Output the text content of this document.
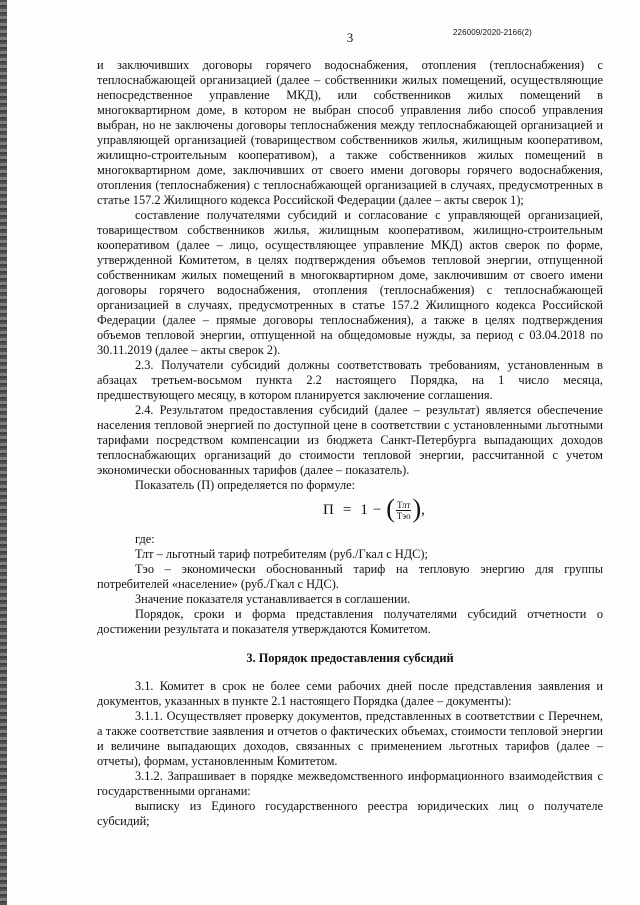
3	226009/2020-2166(2)

и заключивших договоры горячего водоснабжения, отопления (теплоснабжения) с теплоснабжающей организацией (далее – собственники жилых помещений, осуществляющие непосредственное управление МКД), или собственников жилых помещений в многоквартирном доме, в котором не выбран способ управления либо способ управления выбран, но не заключены договоры теплоснабжения между теплоснабжающей организацией и управляющей организацией (товариществом собственников жилья, жилищным кооперативом, жилищно-строительным кооперативом), а также собственников жилых помещений в многоквартирном доме, заключивших от своего имени договоры горячего водоснабжения, отопления (теплоснабжения) с теплоснабжающей организацией в случаях, предусмотренных в статье 157.2 Жилищного кодекса Российской Федерации (далее – акты сверок 1);

составление получателями субсидий и согласование с управляющей организацией, товариществом собственников жилья, жилищным кооперативом, жилищно-строительным кооперативом (далее – лицо, осуществляющее управление МКД) актов сверок по форме, утвержденной Комитетом, в целях подтверждения объемов тепловой энергии, отпущенной собственникам жилых помещений в многоквартирном доме, заключившим от своего имени договоры горячего водоснабжения, отопления (теплоснабжения) с теплоснабжающей организацией в случаях, предусмотренных в статье 157.2 Жилищного кодекса Российской Федерации (далее – прямые договоры теплоснабжения), а также в целях подтверждения объемов тепловой энергии, отпущенной на общедомовые нужды, за период с 03.04.2018 по 30.11.2019 (далее – акты сверок 2).

2.3. Получатели субсидий должны соответствовать требованиям, установленным в абзацах третьем-восьмом пункта 2.2 настоящего Порядка, на 1 число месяца, предшествующего месяцу, в котором планируется заключение соглашения.

2.4. Результатом предоставления субсидий (далее – результат) является обеспечение населения тепловой энергией по доступной цене в соответствии с установленными льготными тарифами посредством компенсации из бюджета Санкт-Петербурга выпадающих доходов теплоснабжающих организаций до стоимости тепловой энергии, рассчитанной с учетом экономически обоснованных тарифов (далее – показатель).

Показатель (П) определяется по формуле:

П = 1 − ( $\frac{\text{Тлт}}{\text{Тэо}}$ ) ,

где:

Тлт – льготный тариф потребителям (руб./Гкал с НДС);

Тэо – экономически обоснованный тариф на тепловую энергию для группы потребителей «население» (руб./Гкал с НДС).

Значение показателя устанавливается в соглашении.

Порядок, сроки и форма представления получателями субсидий отчетности о достижении результата и показателя утверждаются Комитетом.

3. Порядок предоставления субсидий

3.1. Комитет в срок не более семи рабочих дней после представления заявления и документов, указанных в пункте 2.1 настоящего Порядка (далее – документы):

3.1.1. Осуществляет проверку документов, представленных в соответствии с Перечнем, а также соответствие заявления и отчетов о фактических объемах, стоимости тепловой энергии и величине выпадающих доходов, связанных с применением льготных тарифов (далее – отчеты), формам, установленным Комитетом.

3.1.2. Запрашивает в порядке межведомственного информационного взаимодействия с государственными органами:

выписку из Единого государственного реестра юридических лиц о получателе субсидий;
